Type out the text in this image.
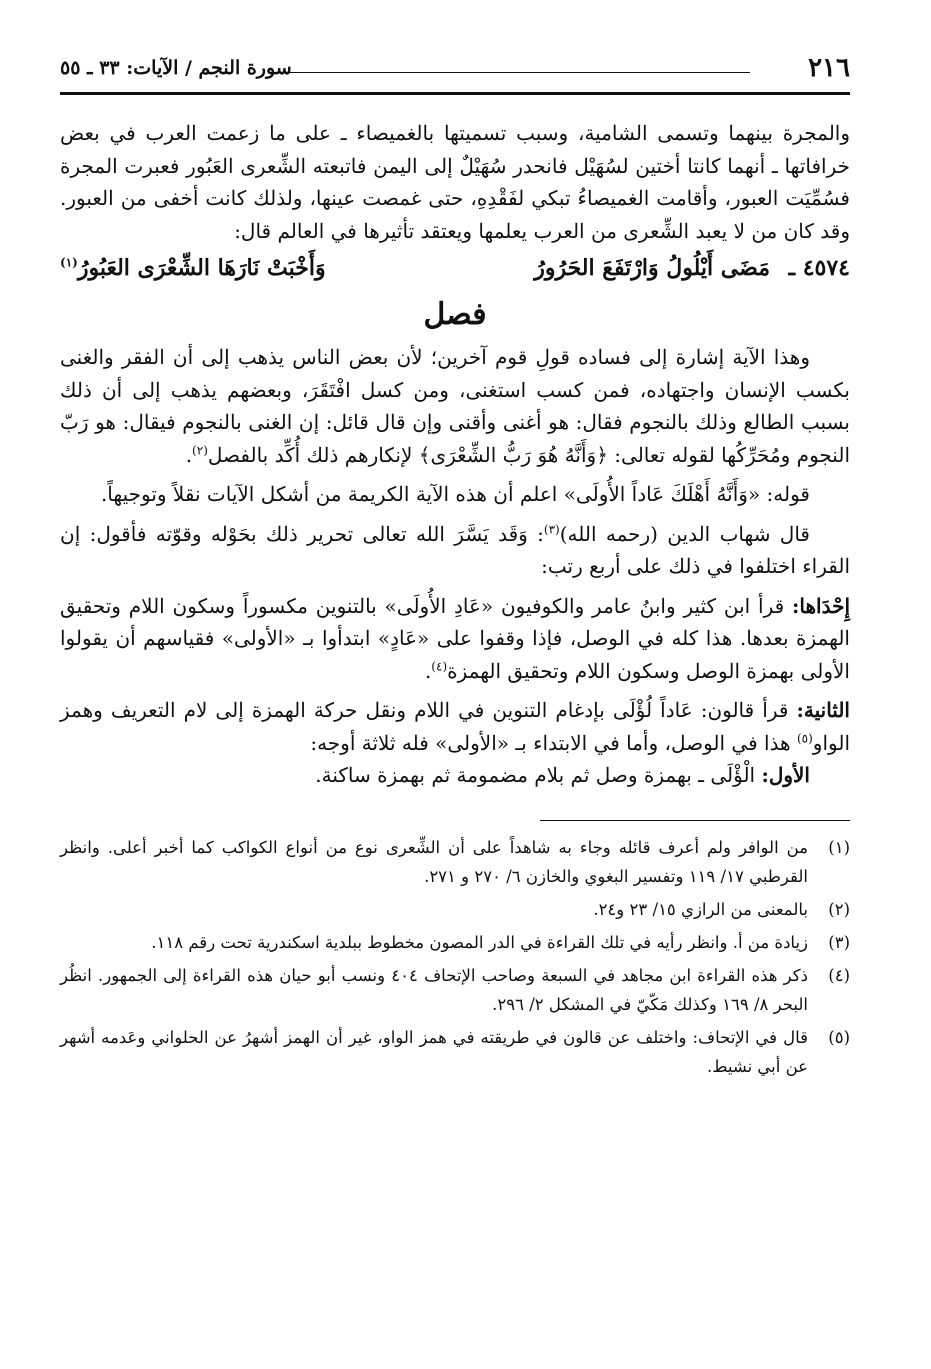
٢١٦
سورة النجم / الآيات: ٣٣ ـ ٥٥

والمجرة بينهما وتسمى الشامية، وسبب تسميتها بالغميصاء ـ على ما زعمت العرب في بعض خرافاتها ـ أنهما كانتا أختين لسُهَيْل فانحدر سُهَيْلٌ إلى اليمن فاتبعته الشِّعرى العَبُور فعبرت المجرة فسُمِّيَت العبور، وأقامت الغميصاءُ تبكي لفَقْدِهِ، حتى غمصت عينها، ولذلك كانت أخفى من العبور. وقد كان من لا يعبد الشِّعرى من العرب يعلمها ويعتقد تأثيرها في العالم قال:

٤٥٧٤ ـ
مَضَى أَيْلُولُ وَارْتَفَعَ الحَرُورُ
وَأَخْبَتْ نَارَهَا الشِّعْرَى العَبُورُ$^{(١)}$
فصل

وهذا الآية إشارة إلى فساده قولِ قوم آخرين؛ لأن بعض الناس يذهب إلى أن الفقر والغنى بكسب الإنسان واجتهاده، فمن كسب استغنى، ومن كسل افْتَقَرَ، وبعضهم يذهب إلى أن ذلك بسبب الطالع وذلك بالنجوم فقال: هو أغنى وأقنى وإن قال قائل: إن الغنى بالنجوم فيقال: هو رَبّ النجوم ومُحَرِّكُها لقوله تعالى: ﴿وَأَنَّهُ هُوَ رَبُّ الشِّعْرَى﴾ لإنكارهم ذلك أُكِّد بالفصل$^{(٢)}$.

قوله: «وَأَنَّهُ أَهْلَكَ عَاداً الأُولَى» اعلم أن هذه الآية الكريمة من أشكل الآيات نقلاً وتوجيهاً.

قال شهاب الدين (رحمه الله)$^{(٣)}$: وَقَد يَسَّرَ الله تعالى تحرير ذلك بحَوْله وقوّته فأقول: إن القراء اختلفوا في ذلك على أربع رتب:

إِحْدَاها: قرأ ابن كثير وابنُ عامر والكوفيون «عَادِ الأُولَى» بالتنوين مكسوراً وسكون اللام وتحقيق الهمزة بعدها. هذا كله في الوصل، فإذا وقفوا على «عَادٍ» ابتدأوا بـ «الأولى» فقياسهم أن يقولوا الأولى بهمزة الوصل وسكون اللام وتحقيق الهمزة$^{(٤)}$.

الثانية: قرأ قالون: عَاداً لُؤْلَى بإدغام التنوين في اللام ونقل حركة الهمزة إلى لام التعريف وهمز الواو$^{(٥)}$ هذا في الوصل، وأما في الابتداء بـ «الأولى» فله ثلاثة أوجه:

الأول: الْؤْلَى ـ بهمزة وصل ثم بلام مضمومة ثم بهمزة ساكنة.

(١)
من الوافر ولم أعرف قائله وجاء به شاهداً على أن الشِّعرى نوع من أنواع الكواكب كما أخبر أعلى. وانظر القرطبي ١٧/ ١١٩ وتفسير البغوي والخازن ٦/ ٢٧٠ و ٢٧١.
(٢)
بالمعنى من الرازي ١٥/ ٢٣ و٢٤.
(٣)
زيادة من أ. وانظر رأيه في تلك القراءة في الدر المصون مخطوط ببلدية اسكندرية تحت رقم ١١٨.
(٤)
ذكر هذه القراءة ابن مجاهد في السبعة وصاحب الإتحاف ٤٠٤ ونسب أبو حيان هذه القراءة إلى الجمهور. انظُر البحر ٨/ ١٦٩ وكذلك مَكّيّ في المشكل ٢/ ٢٩٦.
(٥)
قال في الإتحاف: واختلف عن قالون في طريقته في همز الواو، غير أن الهمز أشهرُ عن الحلواني وعَدمه أشهر عن أبي نشيط.
